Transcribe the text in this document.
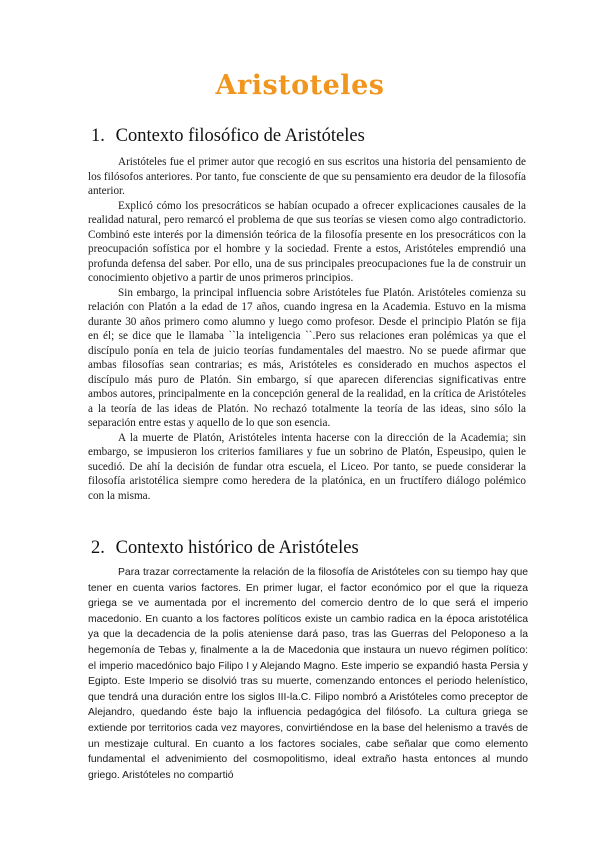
Aristoteles
1. Contexto filosófico de Aristóteles

Aristóteles fue el primer autor que recogió en sus escritos una historia del pensamiento de los filósofos anteriores. Por tanto, fue consciente de que su pensamiento era deudor de la filosofía anterior.

Explicó cómo los presocráticos se habían ocupado a ofrecer explicaciones causales de la realidad natural, pero remarcó el problema de que sus teorías se viesen como algo contradictorio. Combinó este interés por la dimensión teórica de la filosofía presente en los presocráticos con la preocupación sofística por el hombre y la sociedad. Frente a estos, Aristóteles emprendió una profunda defensa del saber. Por ello, una de sus principales preocupaciones fue la de construir un conocimiento objetivo a partir de unos primeros principios.

Sin embargo, la principal influencia sobre Aristóteles fue Platón. Aristóteles comienza su relación con Platón a la edad de 17 años, cuando ingresa en la Academia. Estuvo en la misma durante 30 años primero como alumno y luego como profesor. Desde el principio Platón se fija en él; se dice que le llamaba ``la inteligencia ``.Pero sus relaciones eran polémicas ya que el discípulo ponía en tela de juicio teorías fundamentales del maestro. No se puede afirmar que ambas filosofías sean contrarias; es más, Aristóteles es considerado en muchos aspectos el discípulo más puro de Platón. Sin embargo, sí que aparecen diferencias significativas entre ambos autores, principalmente en la concepción general de la realidad, en la crítica de Aristóteles a la teoría de las ideas de Platón. No rechazó totalmente la teoría de las ideas, sino sólo la separación entre estas y aquello de lo que son esencia.

A la muerte de Platón, Aristóteles intenta hacerse con la dirección de la Academia; sin embargo, se impusieron los criterios familiares y fue un sobrino de Platón, Espeusipo, quien le sucedió. De ahí la decisión de fundar otra escuela, el Liceo. Por tanto, se puede considerar la filosofía aristotélica siempre como heredera de la platónica, en un fructífero diálogo polémico con la misma.

2. Contexto histórico de Aristóteles

Para trazar correctamente la relación de la filosofía de Aristóteles con su tiempo hay que tener en cuenta varios factores. En primer lugar, el factor económico por el que la riqueza griega se ve aumentada por el incremento del comercio dentro de lo que será el imperio macedonio. En cuanto a los factores políticos existe un cambio radica en la época aristotélica ya que la decadencia de la polis ateniense dará paso, tras las Guerras del Peloponeso a la hegemonía de Tebas y, finalmente a la de Macedonia que instaura un nuevo régimen político: el imperio macedónico bajo Filipo I y Alejando Magno. Este imperio se expandió hasta Persia y Egipto. Este Imperio se disolvió tras su muerte, comenzando entonces el periodo helenístico, que tendrá una duración entre los siglos III-la.C. Filipo nombró a Aristóteles como preceptor de Alejandro, quedando éste bajo la influencia pedagógica del filósofo. La cultura griega se extiende por territorios cada vez mayores, convirtiéndose en la base del helenismo a través de un mestizaje cultural. En cuanto a los factores sociales, cabe señalar que como elemento fundamental el advenimiento del cosmopolitismo, ideal extraño hasta entonces al mundo griego. Aristóteles no compartió
